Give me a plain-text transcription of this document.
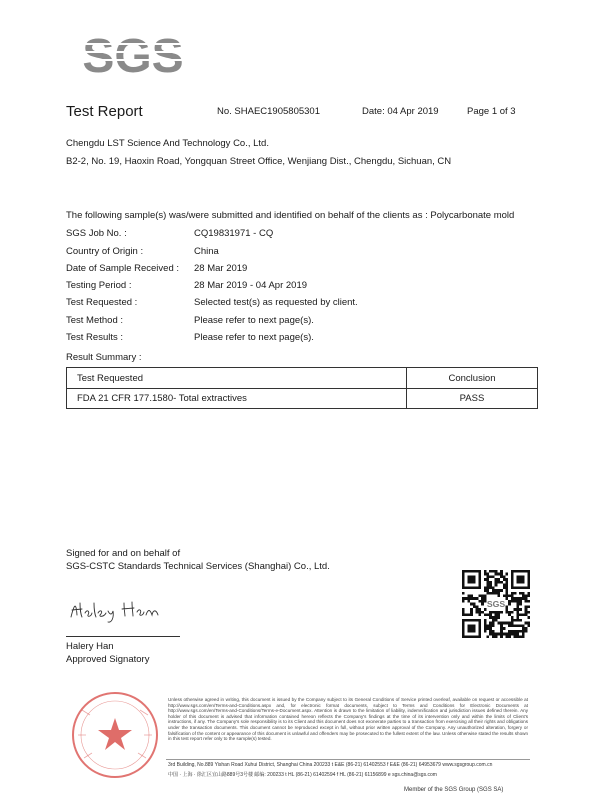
SGS
Test Report	No. SHAEC1905805301	Date: 04 Apr 2019	Page 1 of 3
Chengdu LST Science And Technology Co., Ltd.
B2-2, No. 19, Haoxin Road, Yongquan Street Office, Wenjiang Dist., Chengdu, Sichuan, CN
The following sample(s) was/were submitted and identified on behalf of the clients as : Polycarbonate mold
SGS Job No. :	CQ19831971 - CQ
Country of Origin :	China
Date of Sample Received : 28 Mar 2019
Testing Period :	28 Mar 2019 - 04 Apr 2019
Test Requested :	Selected test(s) as requested by client.
Test Method :	Please refer to next page(s).
Test Results :	Please refer to next page(s).
Result Summary :
Test Requested	Conclusion
FDA 21 CFR 177.1580- Total extractives	PASS
Signed for and on behalf of
SGS-CSTC Standards Technical Services (Shanghai) Co., Ltd.
Halery Han
Approved Signatory
SGS
Unless otherwise agreed in writing, this document is issued by the Company subject to its General Conditions of Service printed overleaf, available on request or accessible at http://www.sgs.com/en/Terms-and-Conditions.aspx and, for electronic format documents, subject to Terms and Conditions for Electronic Documents at http://www.sgs.com/en/Terms-and-Conditions/Terms-e-Document.aspx. Attention is drawn to the limitation of liability, indemnification and jurisdiction issues defined therein. Any holder of this document is advised that information contained hereon reflects the Company's findings at the time of its intervention only and within the limits of Client's instructions, if any. The Company's sole responsibility is to its Client and this document does not exonerate parties to a transaction from exercising all their rights and obligations under the transaction documents. This document cannot be reproduced except in full, without prior written approval of the Company. Any unauthorized alteration, forgery or falsification of the content or appearance of this document is unlawful and offenders may be prosecuted to the fullest extent of the law. Unless otherwise stated the results shown in this test report refer only to the sample(s) tested.
3rd Building, No.889 Yishan Road Xuhui District, Shanghai China 200233 t E&E (86-21) 61402553 f E&E (86-21) 64953679 www.sgsgroup.com.cn
中国 · 上海 · 徐汇区宜山路889号3号楼 邮编: 200233 t HL (86-21) 61402594 f HL (86-21) 61156899 e sgs.china@sgs.com
Member of the SGS Group (SGS SA)
